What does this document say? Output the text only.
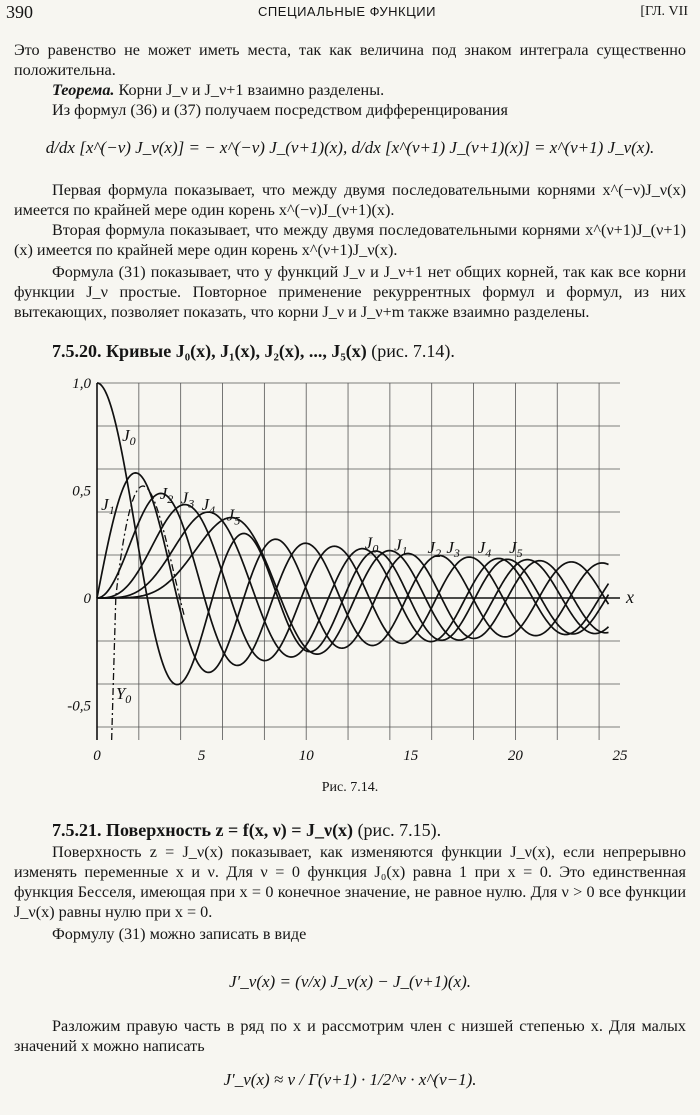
390	СПЕЦИАЛЬНЫЕ ФУНКЦИИ	[ГЛ. VII
Это равенство не может иметь места, так как величина под знаком интеграла существенно положительна.
Теорема. Корни J_ν и J_ν+1 взаимно разделены.
Из формул (36) и (37) получаем посредством дифференцирования
d/dx [x^(−ν) J_ν(x)] = − x^(−ν) J_(ν+1)(x), d/dx [x^(ν+1) J_(ν+1)(x)] = x^(ν+1) J_ν(x).
Первая формула показывает, что между двумя последовательными корнями x^(−ν)J_ν(x) имеется по крайней мере один корень x^(−ν)J_(ν+1)(x).
Вторая формула показывает, что между двумя последовательными корнями x^(ν+1)J_(ν+1)(x) имеется по крайней мере один корень x^(ν+1)J_ν(x).
Формула (31) показывает, что у функций J_ν и J_ν+1 нет общих корней, так как все корни функции J_ν простые. Повторное применение рекуррентных формул и формул, из них вытекающих, позволяет показать, что корни J_ν и J_ν+m также взаимно разделены.
7.5.20. Кривые J₀(x), J₁(x), J₂(x), ..., J₅(x) (рис. 7.14).
x
0	5	10	15	20	25
1,0
0,5
0
-0,5
$J_0$
$J_1$
$J_2$ $J_3$ $J_4$ $J_5$
$Y_0$
$J_0$ $J_1$ $J_2$ $J_3$ $J_4$ $J_5$
Рис. 7.14.
7.5.21. Поверхность z = f(x, ν) = J_ν(x) (рис. 7.15).
Поверхность z = J_ν(x) показывает, как изменяются функции J_ν(x), если непрерывно изменять переменные x и ν. Для ν = 0 функция J₀(x) равна 1 при x = 0. Это единственная функция Бесселя, имеющая при x = 0 конечное значение, не равное нулю. Для ν > 0 все функции J_ν(x) равны нулю при x = 0.
Формулу (31) можно записать в виде
J′_ν(x) = (ν/x) J_ν(x) − J_(ν+1)(x).
Разложим правую часть в ряд по x и рассмотрим член с низшей степенью x. Для малых значений x можно написать
J′_ν(x) ≈ ν / Γ(ν+1) · 1/2^ν · x^(ν−1).
